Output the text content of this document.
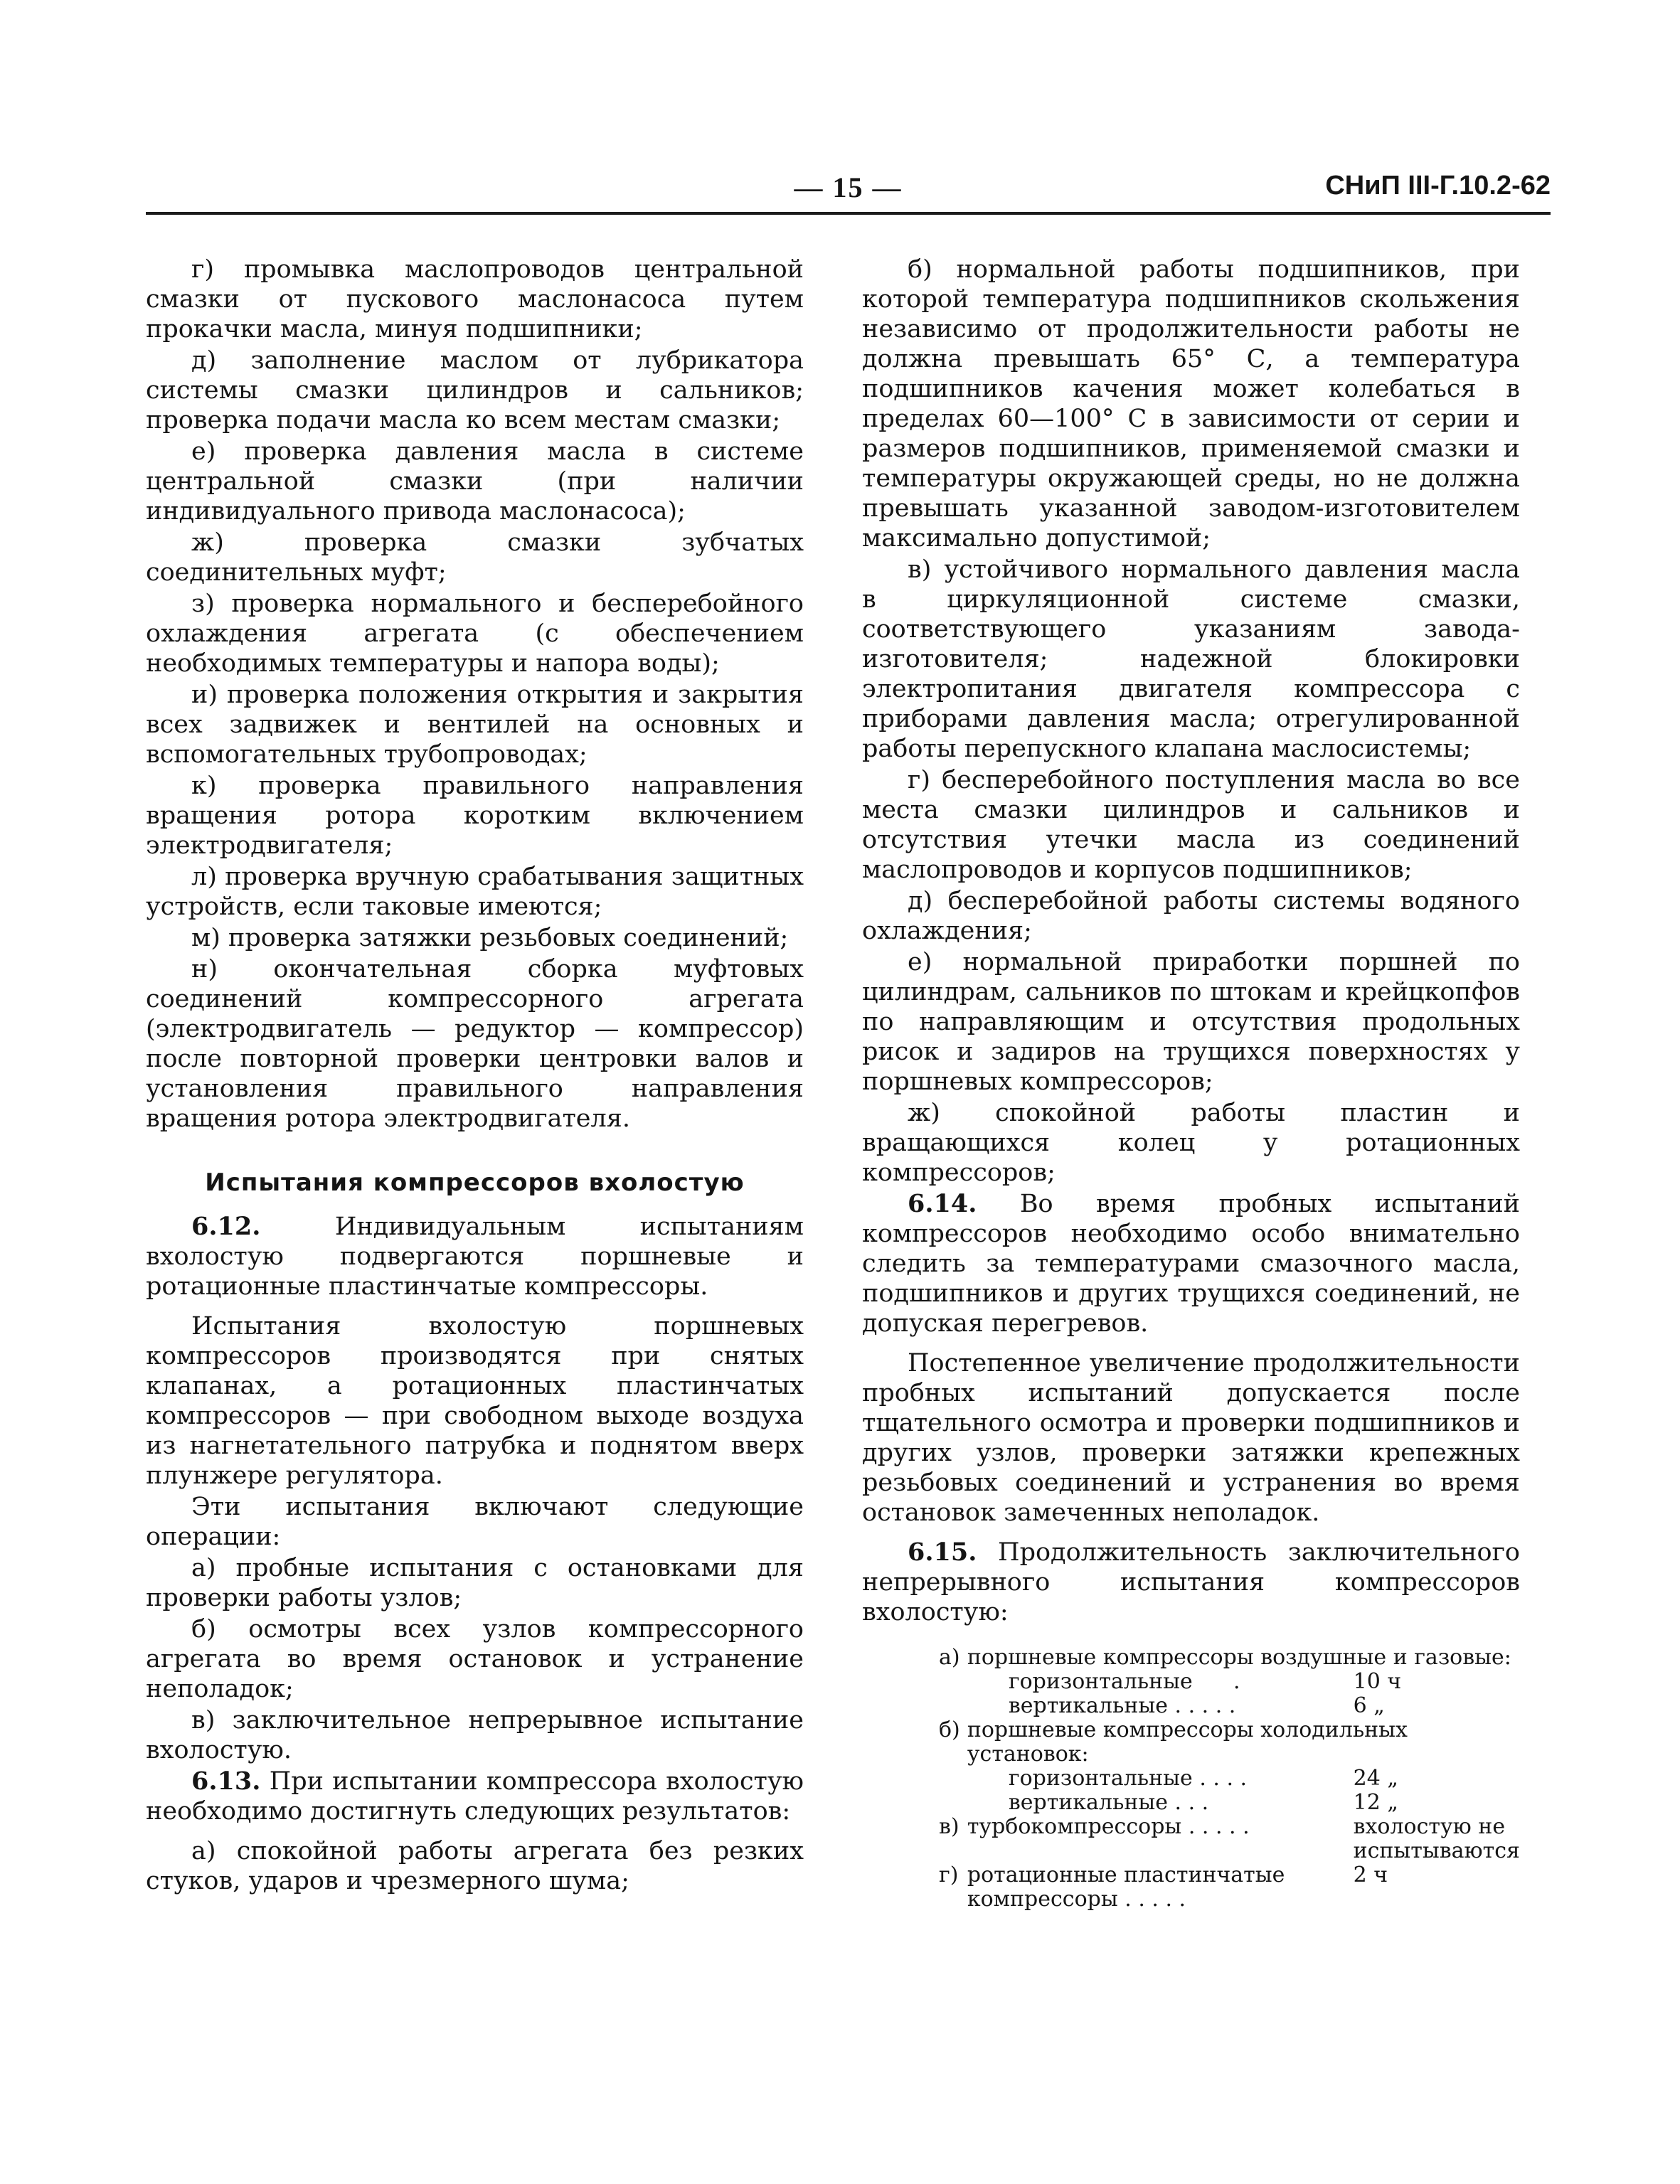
— 15 —	СНиП III-Г.10.2-62

г) промывка маслопроводов центральной смазки от пускового маслонасоса путем прокачки масла, минуя подшипники;

д) заполнение маслом от лубрикатора системы смазки цилиндров и сальников; проверка подачи масла ко всем местам смазки;

е) проверка давления масла в системе центральной смазки (при наличии индивидуального привода маслонасоса);

ж) проверка смазки зубчатых соединительных муфт;

з) проверка нормального и бесперебойного охлаждения агрегата (с обеспечением необходимых температуры и напора воды);

и) проверка положения открытия и закрытия всех задвижек и вентилей на основных и вспомогательных трубопроводах;

к) проверка правильного направления вращения ротора коротким включением электродвигателя;

л) проверка вручную срабатывания защитных устройств, если таковые имеются;

м) проверка затяжки резьбовых соединений;

н) окончательная сборка муфтовых соединений компрессорного агрегата (электродвигатель — редуктор — компрессор) после повторной проверки центровки валов и установления правильного направления вращения ротора электродвигателя.

Испытания компрессоров вхолостую

6.12.	Индивидуальным испытаниям вхолостую подвергаются поршневые и ротационные пластинчатые компрессоры.

Испытания вхолостую поршневых компрессоров производятся при снятых клапанах, а ротационных пластинчатых компрессоров — при свободном выходе воздуха из нагнетательного патрубка и поднятом вверх плунжере регулятора.

Эти испытания включают следующие операции:

а) пробные испытания с остановками для проверки работы узлов;

б) осмотры всех узлов компрессорного агрегата во время остановок и устранение неполадок;

в) заключительное непрерывное испытание вхолостую.

6.13. При испытании компрессора вхолостую необходимо достигнуть следующих результатов:

а) спокойной работы агрегата без резких стуков, ударов и чрезмерного шума;

б) нормальной работы подшипников, при которой температура подшипников скольжения независимо от продолжительности работы не должна превышать 65° С, а температура подшипников качения может колебаться в пределах 60—100° С в зависимости от серии и размеров подшипников, применяемой смазки и температуры окружающей среды, но не должна превышать указанной заводом-изготовителем максимально допустимой;

в) устойчивого нормального давления масла в циркуляционной системе смазки, соответствующего указаниям завода-изготовителя; надежной блокировки электропитания двигателя компрессора с приборами давления масла; отрегулированной работы перепускного клапана маслосистемы;

г) бесперебойного поступления масла во все места смазки цилиндров и сальников и отсутствия утечки масла из соединений маслопроводов и корпусов подшипников;

д) бесперебойной работы системы водяного охлаждения;

е) нормальной приработки поршней по цилиндрам, сальников по штокам и крейцкопфов по направляющим и отсутствия продольных рисок и задиров на трущихся поверхностях у поршневых компрессоров;

ж) спокойной работы пластин и вращающихся колец у ротационных компрессоров;

6.14. Во время пробных испытаний компрессоров необходимо особо внимательно следить за температурами смазочного масла, подшипников и других трущихся соединений, не допуская перегревов.

Постепенное увеличение продолжительности пробных испытаний допускается после тщательного осмотра и проверки подшипников и других узлов, проверки затяжки крепежных резьбовых соединений и устранения во время остановок замеченных неполадок.

6.15. Продолжительность заключительного непрерывного испытания компрессоров вхолостую:

а)	поршневые компрессоры воздушные и газовые:	
	горизонтальные .	10 ч
	вертикальные . . . . .	6 „
б)	поршневые компрессоры холодильных установок:	
	горизонтальные . . . .	24 „
	вертикальные . . .	12 „
в)	турбокомпрессоры . . . . .	вхолостую не испытываются
г)	ротационные пластинчатые компрессоры . . . . .	2 ч
